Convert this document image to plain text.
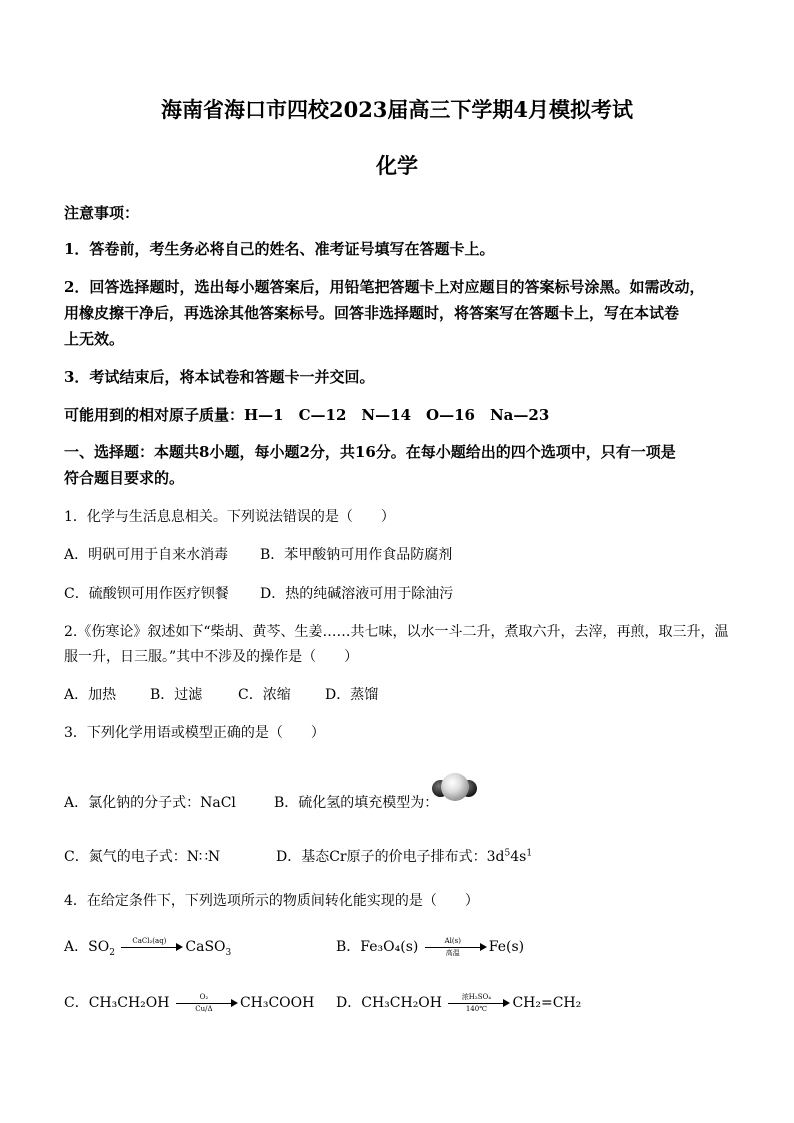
海南省海口市四校2023届高三下学期4月模拟考试
化学
注意事项：
1．答卷前，考生务必将自己的姓名、准考证号填写在答题卡上。
2．回答选择题时，选出每小题答案后，用铅笔把答题卡上对应题目的答案标号涂黑。如需改动，
用橡皮擦干净后，再选涂其他答案标号。回答非选择题时，将答案写在答题卡上，写在本试卷
上无效。
3．考试结束后，将本试卷和答题卡一并交回。
可能用到的相对原子质量：H—1　C—12　N—14　O—16　Na—23
一、选择题：本题共8小题，每小题2分，共16分。在每小题给出的四个选项中，只有一项是
符合题目要求的。
1．化学与生活息息相关。下列说法错误的是（　　）
A．明矾可用于自来水消毒 B．苯甲酸钠可用作食品防腐剂
C．硫酸钡可用作医疗钡餐 D．热的纯碱溶液可用于除油污
2.《伤寒论》叙述如下“柴胡、黄芩、生姜……共七味，以水一斗二升，煮取六升，去滓，再煎，取三升，温
服一升，日三服。”其中不涉及的操作是（　　）
A．加热 B．过滤	C．浓缩 D．蒸馏
3．下列化学用语或模型正确的是（　　）
A．氯化钠的分子式：NaCl	B．硫化氢的填充模型为：
C．氮气的电子式：N∷N	D．基态Cr原子的价电子排布式：$3d^54s^1$
4．在给定条件下，下列选项所示的物质间转化能实现的是（　　）
A．$SO_2$
CaCl₂(aq)	CaSO$_3$	B．Fe₃O₄(s)	Al(s)
高温	Fe(s)
C．$CH_3CH_2OH \frac{\text{O₂}}{Cu/\Delta}$ CH₃COOH D．CH₃CH₂OH	浓H₂SO₄
140℃	CH₂=CH₂
